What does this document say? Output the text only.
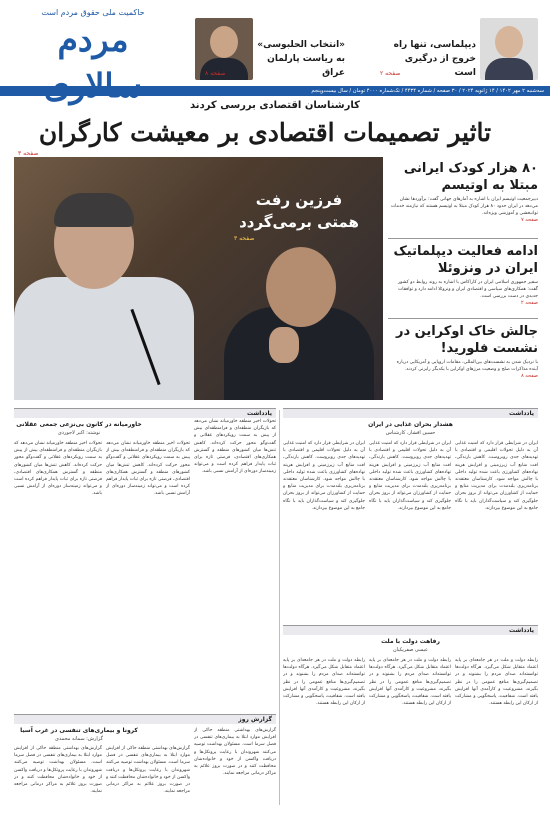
حاکمیت ملی حقوق مردم است
مردم	«انتخاب الحلبوسی» به ریاست پارلمان عراق
صفحه ۸
دیپلماسی، تنها راه خروج از درگیری است
صفحه ۲
سه‌شنبه ۲ مهر ۱۴۰۲ / ۱۴ ژانویه ۲۰۲۴ / ۳۰ صفحه / شماره ۴۴۳۴ / تک‌شماره ۴۰۰۰ تومان / سال بیست‌وپنجم
کارشناسان اقتصادی بررسی کردند
تاثیر تصمیمات اقتصادی بر معیشت کارگران
صفحه ۳
فرزین رفت
همتی برمی‌گردد
صفحه ۳
۸۰ هزار کودک ایرانی مبتلا به اوتیسم
دبیرجمعیت اوتیسم ایران با اشاره به آمارهای جهانی گفت: برآوردها نشان می‌دهد در ایران حدود ۸۰ هزار کودک مبتلا به اوتیسم هستند که نیازمند خدمات توانبخشی و آموزشی ویژه‌اند.
صفحه ۷
ادامه فعالیت دیپلماتیک ایران در ونزوئلا
سفیر جمهوری اسلامی ایران در کاراکاس با اشاره به روند روابط دو کشور گفت: همکاری‌های سیاسی و اقتصادی ایران و ونزوئلا ادامه دارد و توافقات جدیدی در دست بررسی است.
صفحه ۲
جالش خاک اوکراین در نشست فلورید!
با نزدیک شدن به نشست‌های بین‌المللی، مقامات اروپایی و آمریکایی درباره آینده مذاکرات صلح و وضعیت مرزهای اوکراین با یکدیگر رایزنی کردند.
صفحه ۸
یادداشت
هشدار بحران غذایی در ایران
حسین افشار، کارشناس
ایران در شرایطی قرار دارد که امنیت غذایی آن به دلیل تحولات اقلیمی و اقتصادی با تهدیدهای جدی روبروست. کاهش بارندگی، افت منابع آب زیرزمینی و افزایش هزینه نهاده‌های کشاورزی باعث شده تولید داخلی با چالش مواجه شود. کارشناسان معتقدند برنامه‌ریزی بلندمدت برای مدیریت منابع و حمایت از کشاورزان می‌تواند از بروز بحران جلوگیری کند و سیاست‌گذاران باید با نگاه جامع به این موضوع بپردازند.
ایران در شرایطی قرار دارد که امنیت غذایی آن به دلیل تحولات اقلیمی و اقتصادی با تهدیدهای جدی روبروست. کاهش بارندگی، افت منابع آب زیرزمینی و افزایش هزینه نهاده‌های کشاورزی باعث شده تولید داخلی با چالش مواجه شود. کارشناسان معتقدند برنامه‌ریزی بلندمدت برای مدیریت منابع و حمایت از کشاورزان می‌تواند از بروز بحران جلوگیری کند و سیاست‌گذاران باید با نگاه جامع به این موضوع بپردازند.
ایران در شرایطی قرار دارد که امنیت غذایی آن به دلیل تحولات اقلیمی و اقتصادی با تهدیدهای جدی روبروست. کاهش بارندگی، افت منابع آب زیرزمینی و افزایش هزینه نهاده‌های کشاورزی باعث شده تولید داخلی با چالش مواجه شود. کارشناسان معتقدند برنامه‌ریزی بلندمدت برای مدیریت منابع و حمایت از کشاورزان می‌تواند از بروز بحران جلوگیری کند و سیاست‌گذاران باید با نگاه جامع به این موضوع بپردازند.
یادداشت
رفاهت دولت با ملت
عیسی صفریکیان
رابطه دولت و ملت در هر جامعه‌ای بر پایه اعتماد متقابل شکل می‌گیرد. هرگاه دولت‌ها توانسته‌اند صدای مردم را بشنوند و در تصمیم‌گیری‌ها منافع عمومی را در نظر بگیرند، مشروعیت و کارآمدی آنها افزایش یافته است. شفافیت، پاسخگویی و مشارکت از ارکان این رابطه هستند.
رابطه دولت و ملت در هر جامعه‌ای بر پایه اعتماد متقابل شکل می‌گیرد. هرگاه دولت‌ها توانسته‌اند صدای مردم را بشنوند و در تصمیم‌گیری‌ها منافع عمومی را در نظر بگیرند، مشروعیت و کارآمدی آنها افزایش یافته است. شفافیت، پاسخگویی و مشارکت از ارکان این رابطه هستند.
رابطه دولت و ملت در هر جامعه‌ای بر پایه اعتماد متقابل شکل می‌گیرد. هرگاه دولت‌ها توانسته‌اند صدای مردم را بشنوند و در تصمیم‌گیری‌ها منافع عمومی را در نظر بگیرند، مشروعیت و کارآمدی آنها افزایش یافته است. شفافیت، پاسخگویی و مشارکت از ارکان این رابطه هستند.
یادداشت
خاورمیانه در کانون بی‌نزعی جمعی عقلانی
نوشته: اکبر لاجوردی
تحولات اخیر منطقه خاورمیانه نشان می‌دهد که بازیگران منطقه‌ای و فرامنطقه‌ای بیش از پیش به سمت رویکردهای عقلانی و گفت‌وگو محور حرکت کرده‌اند. کاهش تنش‌ها میان کشورهای منطقه و گسترش همکاری‌های اقتصادی، فرصتی تازه برای ثبات پایدار فراهم کرده است و می‌تواند زمینه‌ساز دوره‌ای از آرامش نسبی باشد.
تحولات اخیر منطقه خاورمیانه نشان می‌دهد که بازیگران منطقه‌ای و فرامنطقه‌ای بیش از پیش به سمت رویکردهای عقلانی و گفت‌وگو محور حرکت کرده‌اند. کاهش تنش‌ها میان کشورهای منطقه و گسترش همکاری‌های اقتصادی، فرصتی تازه برای ثبات پایدار فراهم کرده است و می‌تواند زمینه‌ساز دوره‌ای از آرامش نسبی باشد.
تحولات اخیر منطقه خاورمیانه نشان می‌دهد که بازیگران منطقه‌ای و فرامنطقه‌ای بیش از پیش به سمت رویکردهای عقلانی و گفت‌وگو محور حرکت کرده‌اند. کاهش تنش‌ها میان کشورهای منطقه و گسترش همکاری‌های اقتصادی، فرصتی تازه برای ثبات پایدار فراهم کرده است و می‌تواند زمینه‌ساز دوره‌ای از آرامش نسبی باشد.
گزارش روز
کرونا و بیماری‌های تنفسی در غرب آسیا
گزارش: سمانه محمدی
گزارش‌های بهداشتی منطقه حاکی از افزایش موارد ابتلا به بیماری‌های تنفسی در فصل سرما است. مسئولان بهداشت توصیه می‌کنند شهروندان با رعایت پروتکل‌ها و دریافت واکسن از خود و خانواده‌شان محافظت کنند و در صورت بروز علائم به مراکز درمانی مراجعه نمایند.
گزارش‌های بهداشتی منطقه حاکی از افزایش موارد ابتلا به بیماری‌های تنفسی در فصل سرما است. مسئولان بهداشت توصیه می‌کنند شهروندان با رعایت پروتکل‌ها و دریافت واکسن از خود و خانواده‌شان محافظت کنند و در صورت بروز علائم به مراکز درمانی مراجعه نمایند.
گزارش‌های بهداشتی منطقه حاکی از افزایش موارد ابتلا به بیماری‌های تنفسی در فصل سرما است. مسئولان بهداشت توصیه می‌کنند شهروندان با رعایت پروتکل‌ها و دریافت واکسن از خود و خانواده‌شان محافظت کنند و در صورت بروز علائم به مراکز درمانی مراجعه نمایند.
